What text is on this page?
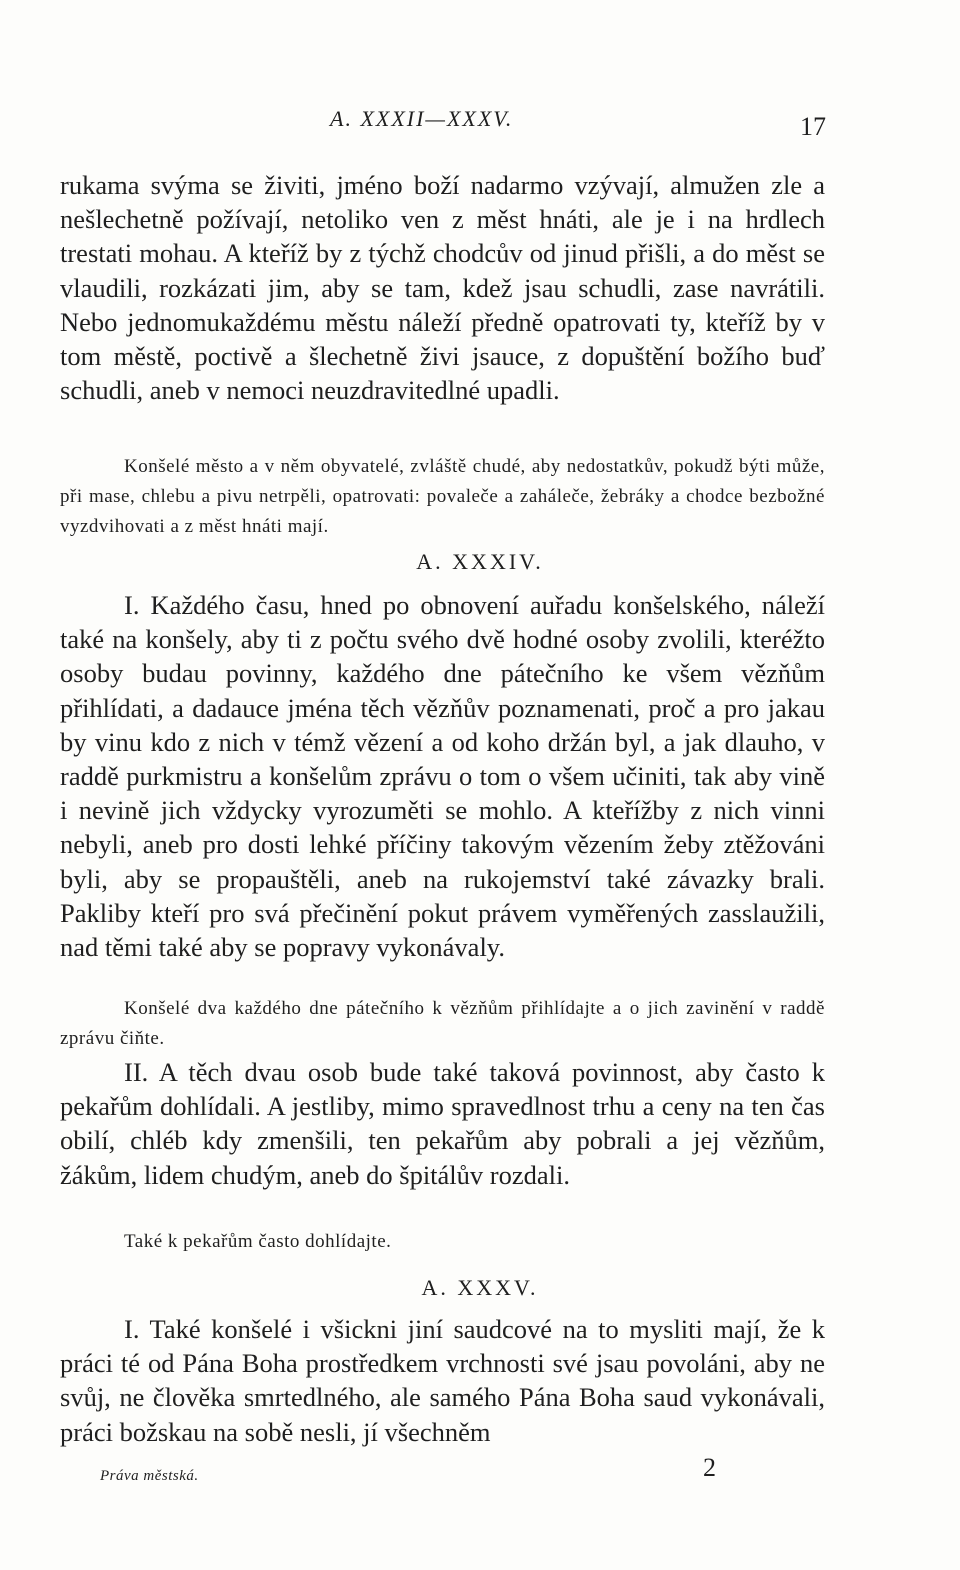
A. XXXII—XXXV.	17

rukama svýma se živiti, jméno boží nadarmo vzývají, almužen zle a nešlechetně požívají, netoliko ven z měst hnáti, ale je i na hrdlech trestati mohau. A kteříž by z týchž chodcův od jinud přišli, a do měst se vlaudili, rozkázati jim, aby se tam, kdež jsau schudli, zase navrátili. Nebo jednomukaždému městu náleží předně opatrovati ty, kteříž by v tom městě, poctivě a šlechetně živi jsauce, z dopuštění božího buď schudli, aneb v nemoci neuzdravitedlné upadli.

Konšelé město a v něm obyvatelé, zvláště chudé, aby nedostatkův, pokudž býti může, při mase, chlebu a pivu netrpěli, opatrovati: povaleče a zaháleče, žebráky a chodce bezbožné vyzdvihovati a z měst hnáti mají.

A. XXXIV.

I. Každého času, hned po obnovení auřadu konšelského, náleží také na konšely, aby ti z počtu svého dvě hodné osoby zvolili, kteréžto osoby budau povinny, každého dne pátečního ke všem vězňům přihlídati, a dadauce jména těch vězňův poznamenati, proč a pro jakau by vinu kdo z nich v témž vězení a od koho držán byl, a jak dlauho, v raddě purkmistru a konšelům zprávu o tom o všem učiniti, tak aby vině i nevině jich vždycky vyrozuměti se mohlo. A kteřížby z nich vinni nebyli, aneb pro dosti lehké příčiny takovým vězením žeby ztěžováni byli, aby se propauštěli, aneb na rukojemství také závazky brali. Pakliby kteří pro svá přečinění pokut právem vyměřených zasslaužili, nad těmi také aby se popravy vykonávaly.

Konšelé dva každého dne pátečního k vězňům přihlídajte a o jich zavinění v raddě zprávu čiňte.

II. A těch dvau osob bude také taková povinnost, aby často k pekařům dohlídali. A jestliby, mimo spravedlnost trhu a ceny na ten čas obilí, chléb kdy zmenšili, ten pekařům aby pobrali a jej vězňům, žákům, lidem chudým, aneb do špitálův rozdali.

Také k pekařům často dohlídajte.

A. XXXV.

I. Také konšelé i všickni jiní saudcové na to mysliti mají, že k práci té od Pána Boha prostředkem vrchnosti své jsau povoláni, aby ne svůj, ne člověka smrtedlného, ale samého Pána Boha saud vykonávali, práci božskau na sobě nesli, jí všechněm

Práva městská.	2
